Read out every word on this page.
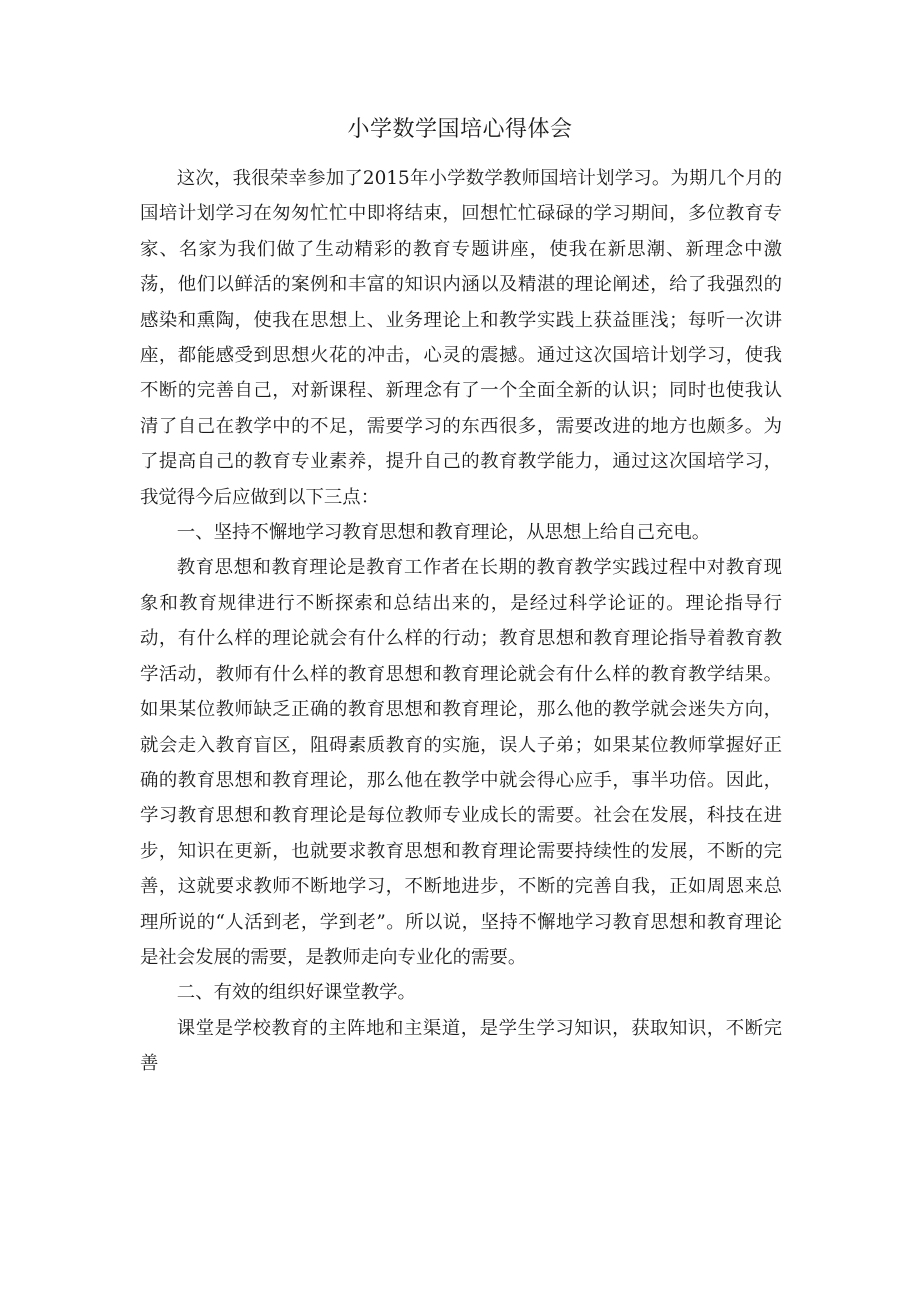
小学数学国培心得体会

这次，我很荣幸参加了2015年小学数学教师国培计划学习。为期几个月的国培计划学习在匆匆忙忙中即将结束，回想忙忙碌碌的学习期间，多位教育专家、名家为我们做了生动精彩的教育专题讲座，使我在新思潮、新理念中激荡，他们以鲜活的案例和丰富的知识内涵以及精湛的理论阐述，给了我强烈的感染和熏陶，使我在思想上、业务理论上和教学实践上获益匪浅；每听一次讲座，都能感受到思想火花的冲击，心灵的震撼。通过这次国培计划学习，使我不断的完善自己，对新课程、新理念有了一个全面全新的认识；同时也使我认清了自己在教学中的不足，需要学习的东西很多，需要改进的地方也颇多。为了提高自己的教育专业素养，提升自己的教育教学能力，通过这次国培学习，我觉得今后应做到以下三点：

一、坚持不懈地学习教育思想和教育理论，从思想上给自己充电。

教育思想和教育理论是教育工作者在长期的教育教学实践过程中对教育现象和教育规律进行不断探索和总结出来的，是经过科学论证的。理论指导行动，有什么样的理论就会有什么样的行动；教育思想和教育理论指导着教育教学活动，教师有什么样的教育思想和教育理论就会有什么样的教育教学结果。如果某位教师缺乏正确的教育思想和教育理论，那么他的教学就会迷失方向，就会走入教育盲区，阻碍素质教育的实施，误人子弟；如果某位教师掌握好正确的教育思想和教育理论，那么他在教学中就会得心应手，事半功倍。因此，学习教育思想和教育理论是每位教师专业成长的需要。社会在发展，科技在进步，知识在更新，也就要求教育思想和教育理论需要持续性的发展，不断的完善，这就要求教师不断地学习，不断地进步，不断的完善自我，正如周恩来总理所说的“人活到老，学到老”。所以说，坚持不懈地学习教育思想和教育理论是社会发展的需要，是教师走向专业化的需要。

二、有效的组织好课堂教学。

课堂是学校教育的主阵地和主渠道，是学生学习知识，获取知识，不断完善
